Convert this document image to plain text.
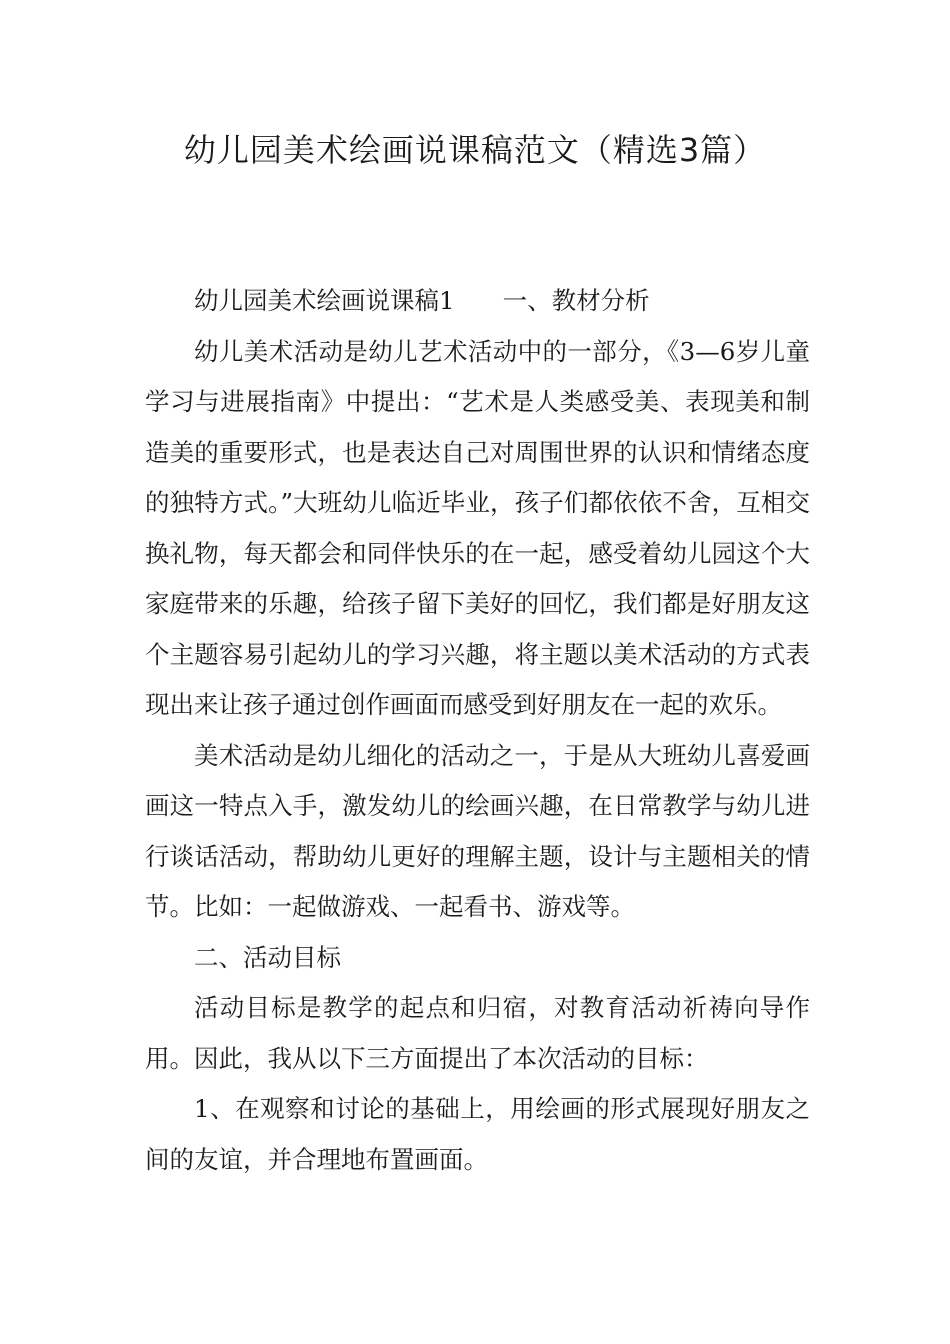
幼儿园美术绘画说课稿范文（精选3篇）

幼儿园美术绘画说课稿1 一、教材分析

幼儿美术活动是幼儿艺术活动中的一部分，《3—6岁儿童学习与进展指南》中提出：“艺术是人类感受美、表现美和制造美的重要形式，也是表达自己对周围世界的认识和情绪态度的独特方式。”大班幼儿临近毕业，孩子们都依依不舍，互相交换礼物，每天都会和同伴快乐的在一起，感受着幼儿园这个大家庭带来的乐趣，给孩子留下美好的回忆，我们都是好朋友这个主题容易引起幼儿的学习兴趣，将主题以美术活动的方式表现出来让孩子通过创作画面而感受到好朋友在一起的欢乐。

美术活动是幼儿细化的活动之一，于是从大班幼儿喜爱画画这一特点入手，激发幼儿的绘画兴趣，在日常教学与幼儿进行谈话活动，帮助幼儿更好的理解主题，设计与主题相关的情节。比如：一起做游戏、一起看书、游戏等。

二、活动目标

活动目标是教学的起点和归宿，对教育活动祈祷向导作用。因此，我从以下三方面提出了本次活动的目标：

1、在观察和讨论的基础上，用绘画的形式展现好朋友之间的友谊，并合理地布置画面。
